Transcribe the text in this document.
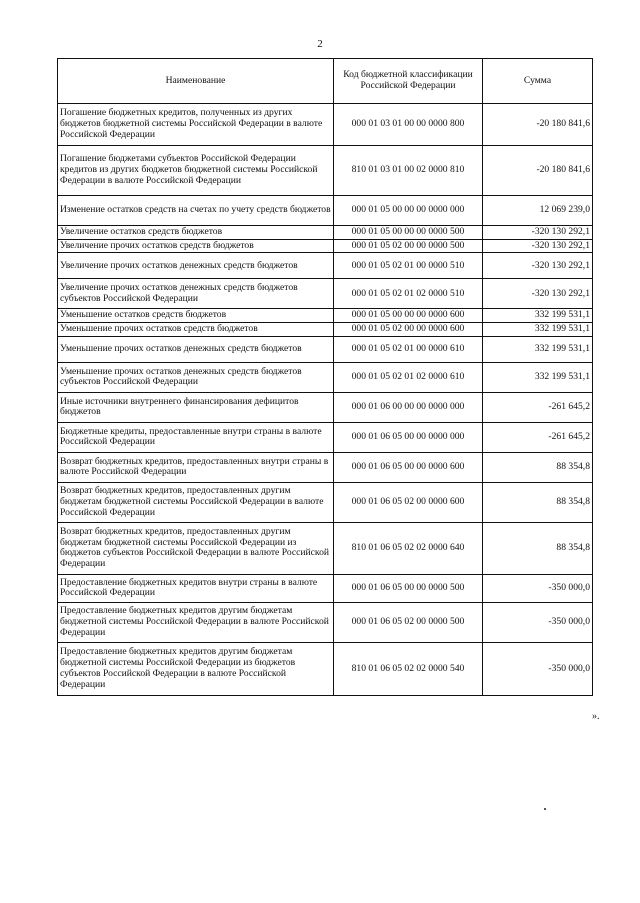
2
Наименование	Код бюджетной классификации Российской Федерации	Сумма
Погашение бюджетных кредитов, полученных из других бюджетов бюджетной системы Российской Федерации в валюте Российской Федерации	000 01 03 01 00 00 0000 800	-20 180 841,6
Погашение бюджетами субъектов Российской Федерации кредитов из других бюджетов бюджетной системы Российской Федерации в валюте Российской Федерации	810 01 03 01 00 02 0000 810	-20 180 841,6
Изменение остатков средств на счетах по учету средств бюджетов	000 01 05 00 00 00 0000 000	12 069 239,0
Увеличение остатков средств бюджетов	000 01 05 00 00 00 0000 500	-320 130 292,1
Увеличение прочих остатков средств бюджетов	000 01 05 02 00 00 0000 500	-320 130 292,1
Увеличение прочих остатков денежных средств бюджетов	000 01 05 02 01 00 0000 510	-320 130 292,1
Увеличение прочих остатков денежных средств бюджетов субъектов Российской Федерации	000 01 05 02 01 02 0000 510	-320 130 292,1
Уменьшение остатков средств бюджетов	000 01 05 00 00 00 0000 600	332 199 531,1
Уменьшение прочих остатков средств бюджетов	000 01 05 02 00 00 0000 600	332 199 531,1
Уменьшение прочих остатков денежных средств бюджетов	000 01 05 02 01 00 0000 610	332 199 531,1
Уменьшение прочих остатков денежных средств бюджетов субъектов Российской Федерации	000 01 05 02 01 02 0000 610	332 199 531,1
Иные источники внутреннего финансирования дефицитов бюджетов	000 01 06 00 00 00 0000 000	-261 645,2
Бюджетные кредиты, предоставленные внутри страны в валюте Российской Федерации	000 01 06 05 00 00 0000 000	-261 645,2
Возврат бюджетных кредитов, предоставленных внутри страны в валюте Российской Федерации	000 01 06 05 00 00 0000 600	88 354,8
Возврат бюджетных кредитов, предоставленных другим бюджетам бюджетной системы Российской Федерации в валюте Российской Федерации	000 01 06 05 02 00 0000 600	88 354,8
Возврат бюджетных кредитов, предоставленных другим бюджетам бюджетной системы Российской Федерации из бюджетов субъектов Российской Федерации в валюте Российской Федерации	810 01 06 05 02 02 0000 640	88 354,8
Предоставление бюджетных кредитов внутри страны в валюте Российской Федерации	000 01 06 05 00 00 0000 500	-350 000,0
Предоставление бюджетных кредитов другим бюджетам бюджетной системы Российской Федерации в валюте Российской Федерации	000 01 06 05 02 00 0000 500	-350 000,0
Предоставление бюджетных кредитов другим бюджетам бюджетной системы Российской Федерации из бюджетов субъектов Российской Федерации в валюте Российской Федерации	810 01 06 05 02 02 0000 540	-350 000,0
».
